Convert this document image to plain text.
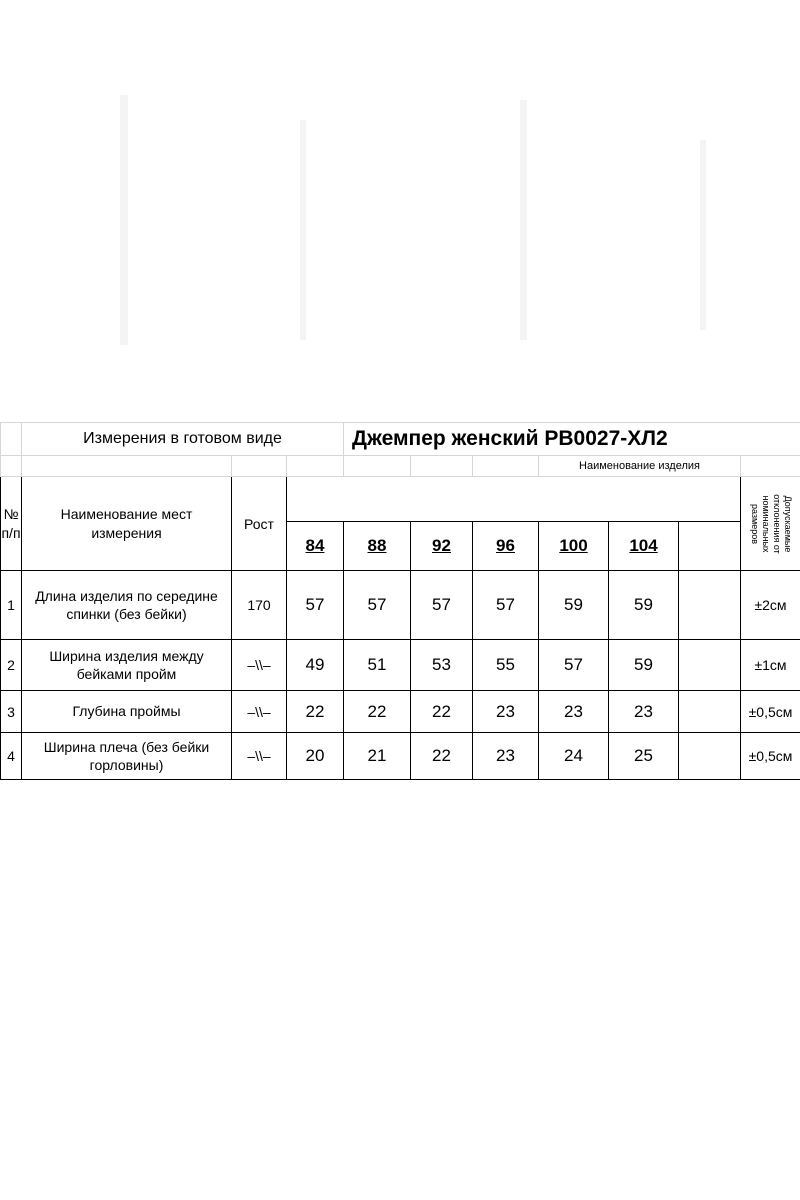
	Измерения в готовом виде			Джемпер женский РВ0027-ХЛ2						
							Наименование изделия			
№ п/п	Наименование мест измерения	Рост								Допускаемые отклонения от номинальных размеров

			84	88	92	96	100	104		
1	Длина изделия по середине спинки (без бейки)	170	57	57	57	57	59	59		±2см
2	Ширина изделия между бейками пройм	–\\–	49	51	53	55	57	59		±1см
3	Глубина проймы	–\\–	22	22	22	23	23	23		±0,5см
4	Ширина плеча (без бейки горловины)	–\\–	20	21	22	23	24	25		±0,5см
